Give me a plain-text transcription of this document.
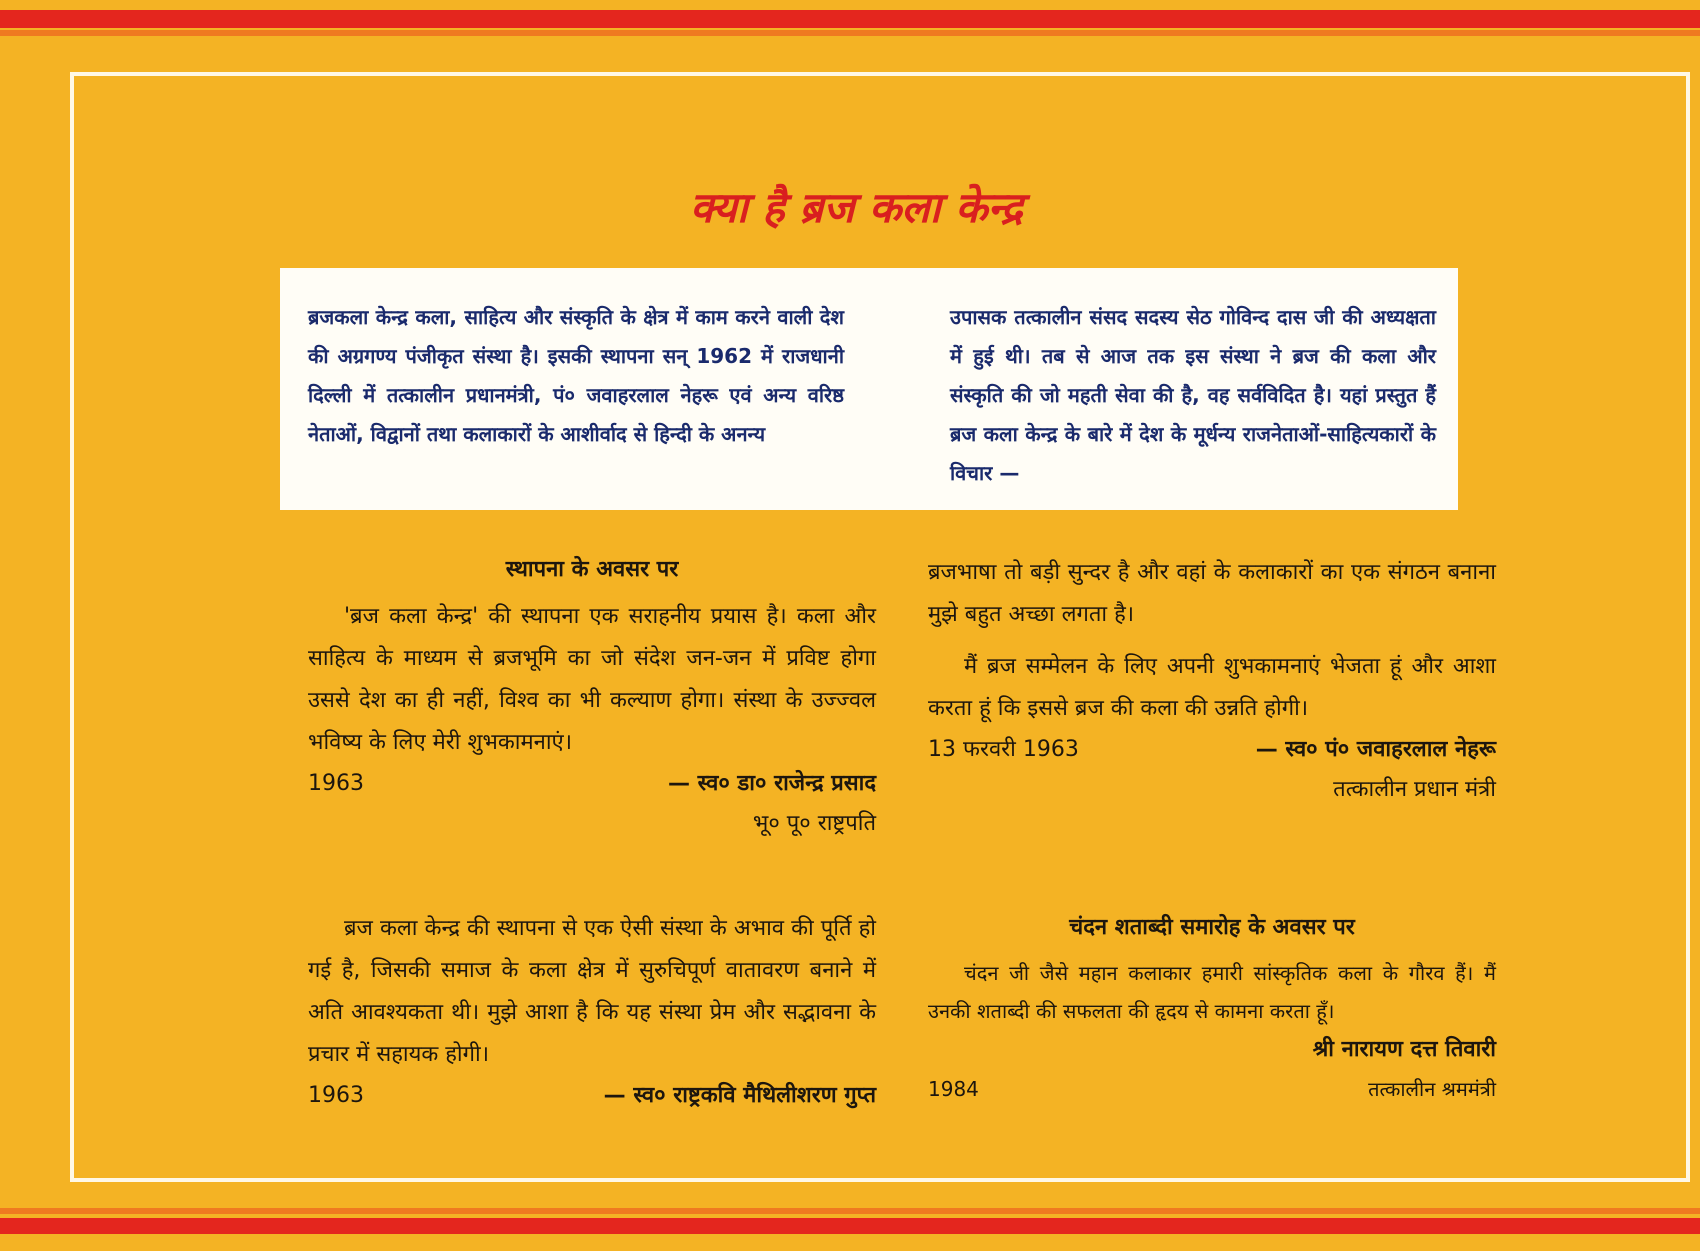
क्या है ब्रज कला केन्द्र

ब्रजकला केन्द्र कला, साहित्य और संस्कृति के क्षेत्र में काम करने वाली देश की अग्रगण्य पंजीकृत संस्था है। इसकी स्थापना सन् 1962 में राजधानी दिल्ली में तत्कालीन प्रधानमंत्री, पं० जवाहरलाल नेहरू एवं अन्य वरिष्ठ नेताओं, विद्वानों तथा कलाकारों के आशीर्वाद से हिन्दी के अनन्य

उपासक तत्कालीन संसद सदस्य सेठ गोविन्द दास जी की अध्यक्षता में हुई थी। तब से आज तक इस संस्था ने ब्रज की कला और संस्कृति की जो महती सेवा की है, वह सर्वविदित है। यहां प्रस्तुत हैं ब्रज कला केन्द्र के बारे में देश के मूर्धन्य राजनेताओं-साहित्यकारों के विचार —

स्थापना के अवसर पर

'ब्रज कला केन्द्र' की स्थापना एक सराहनीय प्रयास है। कला और साहित्य के माध्यम से ब्रजभूमि का जो संदेश जन-जन में प्रविष्ट होगा उससे देश का ही नहीं, विश्व का भी कल्याण होगा। संस्था के उज्ज्वल भविष्य के लिए मेरी शुभकामनाएं।

1963	— स्व० डा० राजेन्द्र प्रसाद
भू० पू० राष्ट्रपति

ब्रज कला केन्द्र की स्थापना से एक ऐसी संस्था के अभाव की पूर्ति हो गई है, जिसकी समाज के कला क्षेत्र में सुरुचिपूर्ण वातावरण बनाने में अति आवश्यकता थी। मुझे आशा है कि यह संस्था प्रेम और सद्भावना के प्रचार में सहायक होगी।

1963	— स्व० राष्ट्रकवि मैथिलीशरण गुप्त

ब्रजभाषा तो बड़ी सुन्दर है और वहां के कलाकारों का एक संगठन बनाना मुझे बहुत अच्छा लगता है।

मैं ब्रज सम्मेलन के लिए अपनी शुभकामनाएं भेजता हूं और आशा करता हूं कि इससे ब्रज की कला की उन्नति होगी।

13 फरवरी 1963	— स्व० पं० जवाहरलाल नेहरू
तत्कालीन प्रधान मंत्री
चंदन शताब्दी समारोह के अवसर पर

चंदन जी जैसे महान कलाकार हमारी सांस्कृतिक कला के गौरव हैं। मैं उनकी शताब्दी की सफलता की हृदय से कामना करता हूँ।

श्री नारायण दत्त तिवारी
1984	तत्कालीन श्रममंत्री
